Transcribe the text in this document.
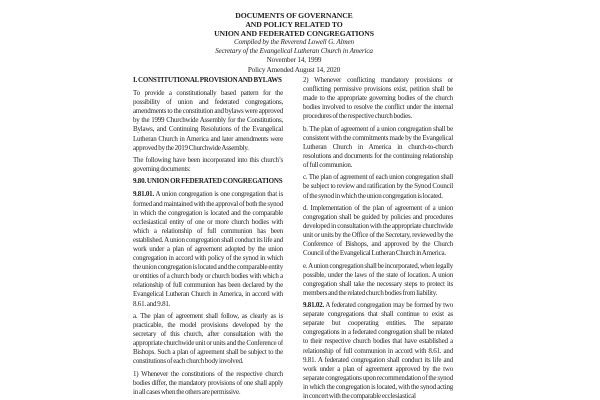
DOCUMENTS OF GOVERNANCE
AND POLICY RELATED TO
UNION AND FEDERATED CONGREGATIONS
Compiled by the Reverend Lowell G. Almen
Secretary of the Evangelical Lutheran Church in America
November 14, 1999
Policy Amended August 14, 2020

I. CONSTITUTIONAL PROVISION AND BYLAWS

To provide a constitutionally based pattern for the possibility of union and federated congregations, amendments to the constitution and bylaws were approved by the 1999 Churchwide Assembly for the Constitutions, Bylaws, and Continuing Resolutions of the Evangelical Lutheran Church in America and later amendments were approved by the 2019 Churchwide Assembly.

The following have been incorporated into this church’s governing documents:

9.80. UNION OR FEDERATED CONGREGATIONS

9.81.01. A union congregation is one congregation that is formed and maintained with the approval of both the synod in which the congregation is located and the comparable ecclesiastical entity of one or more church bodies with which a relationship of full communion has been established. A union congregation shall conduct its life and work under a plan of agreement adopted by the union congregation in accord with policy of the synod in which the union congregation is located and the comparable entity or entities of a church body or church bodies with which a relationship of full communion has been declared by the Evangelical Lutheran Church in America, in accord with 8.61. and 9.81.

a. The plan of agreement shall follow, as clearly as is practicable, the model provisions developed by the secretary of this church, after consultation with the appropriate churchwide unit or units and the Conference of Bishops. Such a plan of agreement shall be subject to the constitutions of each church body involved.

1) Whenever the constitutions of the respective church bodies differ, the mandatory provisions of one shall apply in all cases when the others are permissive.

2) Whenever conflicting mandatory provisions or conflicting permissive provisions exist, petition shall be made to the appropriate governing bodies of the church bodies involved to resolve the conflict under the internal procedures of the respective church bodies.

b. The plan of agreement of a union congregation shall be consistent with the commitments made by the Evangelical Lutheran Church in America in church-to-church resolutions and documents for the continuing relationship of full communion.

c. The plan of agreement of each union congregation shall be subject to review and ratification by the Synod Council of the synod in which the union congregation is located.

d. Implementation of the plan of agreement of a union congregation shall be guided by policies and procedures developed in consultation with the appropriate churchwide unit or units by the Office of the Secretary, reviewed by the Conference of Bishops, and approved by the Church Council of the Evangelical Lutheran Church in America.

e. A union congregation shall be incorporated, when legally possible, under the laws of the state of location. A union congregation shall take the necessary steps to protect its members and the related church bodies from liability.

9.81.02. A federated congregation may be formed by two separate congregations that shall continue to exist as separate but cooperating entities. The separate congregations in a federated congregation shall be related to their respective church bodies that have established a relationship of full communion in accord with 8.61. and 9.81. A federated congregation shall conduct its life and work under a plan of agreement approved by the two separate congregations upon recommendation of the synod in which the congregation is located, with the synod acting in concert with the comparable ecclesiastical
